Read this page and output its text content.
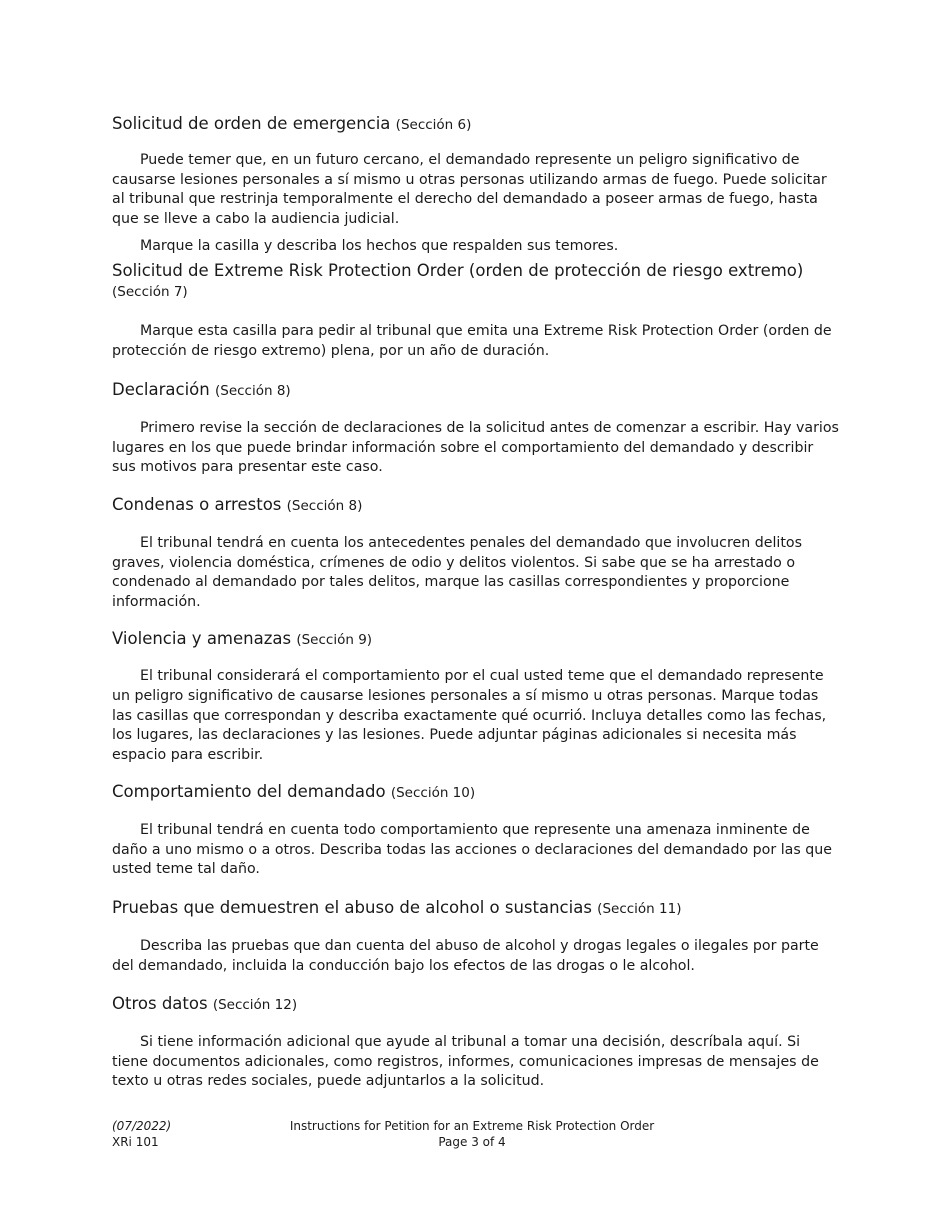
Solicitud de orden de emergencia (Sección 6)

Puede temer que, en un futuro cercano, el demandado represente un peligro significativo de causarse lesiones personales a sí mismo u otras personas utilizando armas de fuego. Puede solicitar al tribunal que restrinja temporalmente el derecho del demandado a poseer armas de fuego, hasta que se lleve a cabo la audiencia judicial.

Marque la casilla y describa los hechos que respalden sus temores.

Solicitud de Extreme Risk Protection Order (orden de protección de riesgo extremo) (Sección 7)

Marque esta casilla para pedir al tribunal que emita una Extreme Risk Protection Order (orden de protección de riesgo extremo) plena, por un año de duración.

Declaración (Sección 8)

Primero revise la sección de declaraciones de la solicitud antes de comenzar a escribir. Hay varios lugares en los que puede brindar información sobre el comportamiento del demandado y describir sus motivos para presentar este caso.

Condenas o arrestos (Sección 8)

El tribunal tendrá en cuenta los antecedentes penales del demandado que involucren delitos graves, violencia doméstica, crímenes de odio y delitos violentos. Si sabe que se ha arrestado o condenado al demandado por tales delitos, marque las casillas correspondientes y proporcione información.

Violencia y amenazas (Sección 9)

El tribunal considerará el comportamiento por el cual usted teme que el demandado represente un peligro significativo de causarse lesiones personales a sí mismo u otras personas. Marque todas las casillas que correspondan y describa exactamente qué ocurrió. Incluya detalles como las fechas, los lugares, las declaraciones y las lesiones. Puede adjuntar páginas adicionales si necesita más espacio para escribir.

Comportamiento del demandado (Sección 10)

El tribunal tendrá en cuenta todo comportamiento que represente una amenaza inminente de daño a uno mismo o a otros. Describa todas las acciones o declaraciones del demandado por las que usted teme tal daño.

Pruebas que demuestren el abuso de alcohol o sustancias (Sección 11)

Describa las pruebas que dan cuenta del abuso de alcohol y drogas legales o ilegales por parte del demandado, incluida la conducción bajo los efectos de las drogas o le alcohol.

Otros datos (Sección 12)

Si tiene información adicional que ayude al tribunal a tomar una decisión, descríbala aquí. Si tiene documentos adicionales, como registros, informes, comunicaciones impresas de mensajes de texto u otras redes sociales, puede adjuntarlos a la solicitud.

(07/2022)
XRi 101
Instructions for Petition for an Extreme Risk Protection Order
Page 3 of 4
